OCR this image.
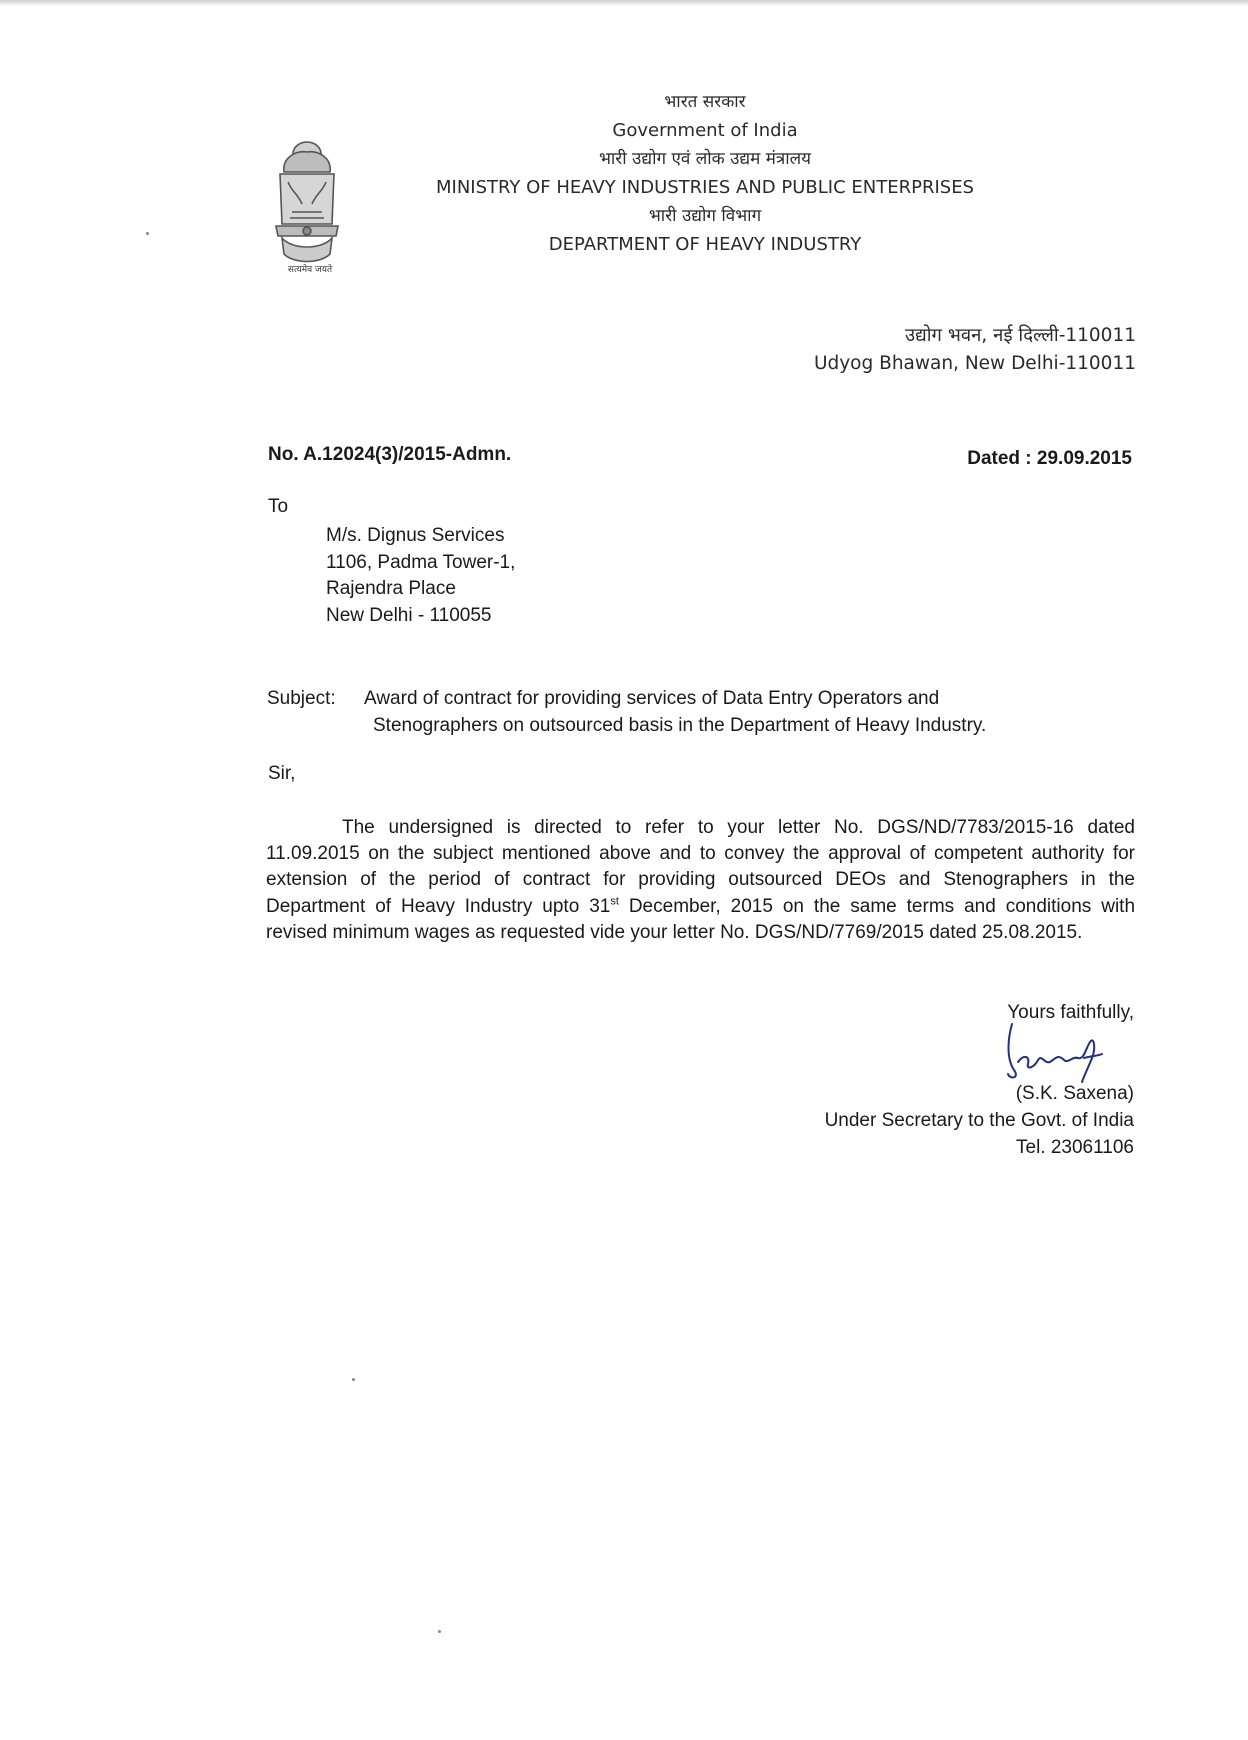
सत्यमेव जयते
भारत सरकार
Government of India
भारी उद्योग एवं लोक उद्यम मंत्रालय
MINISTRY OF HEAVY INDUSTRIES AND PUBLIC ENTERPRISES
भारी उद्योग विभाग
DEPARTMENT OF HEAVY INDUSTRY
उद्योग भवन, नई दिल्ली-110011
Udyog Bhawan, New Delhi-110011
No. A.12024(3)/2015-Admn.	Dated : 29.09.2015
To
M/s. Dignus Services
1106, Padma Tower-1,
Rajendra Place
New Delhi - 110055
Subject:	Award of contract for providing services of Data Entry Operators and
Stenographers on outsourced basis in the Department of Heavy Industry.
Sir,
The undersigned is directed to refer to your letter No. DGS/ND/7783/2015-16 dated 11.09.2015 on the subject mentioned above and to convey the approval of competent authority for extension of the period of contract for providing outsourced DEOs and Stenographers in the Department of Heavy Industry upto 31st December, 2015 on the same terms and conditions with revised minimum wages as requested vide your letter No. DGS/ND/7769/2015 dated 25.08.2015.
Yours faithfully,
(S.K. Saxena)
Under Secretary to the Govt. of India
Tel. 23061106
